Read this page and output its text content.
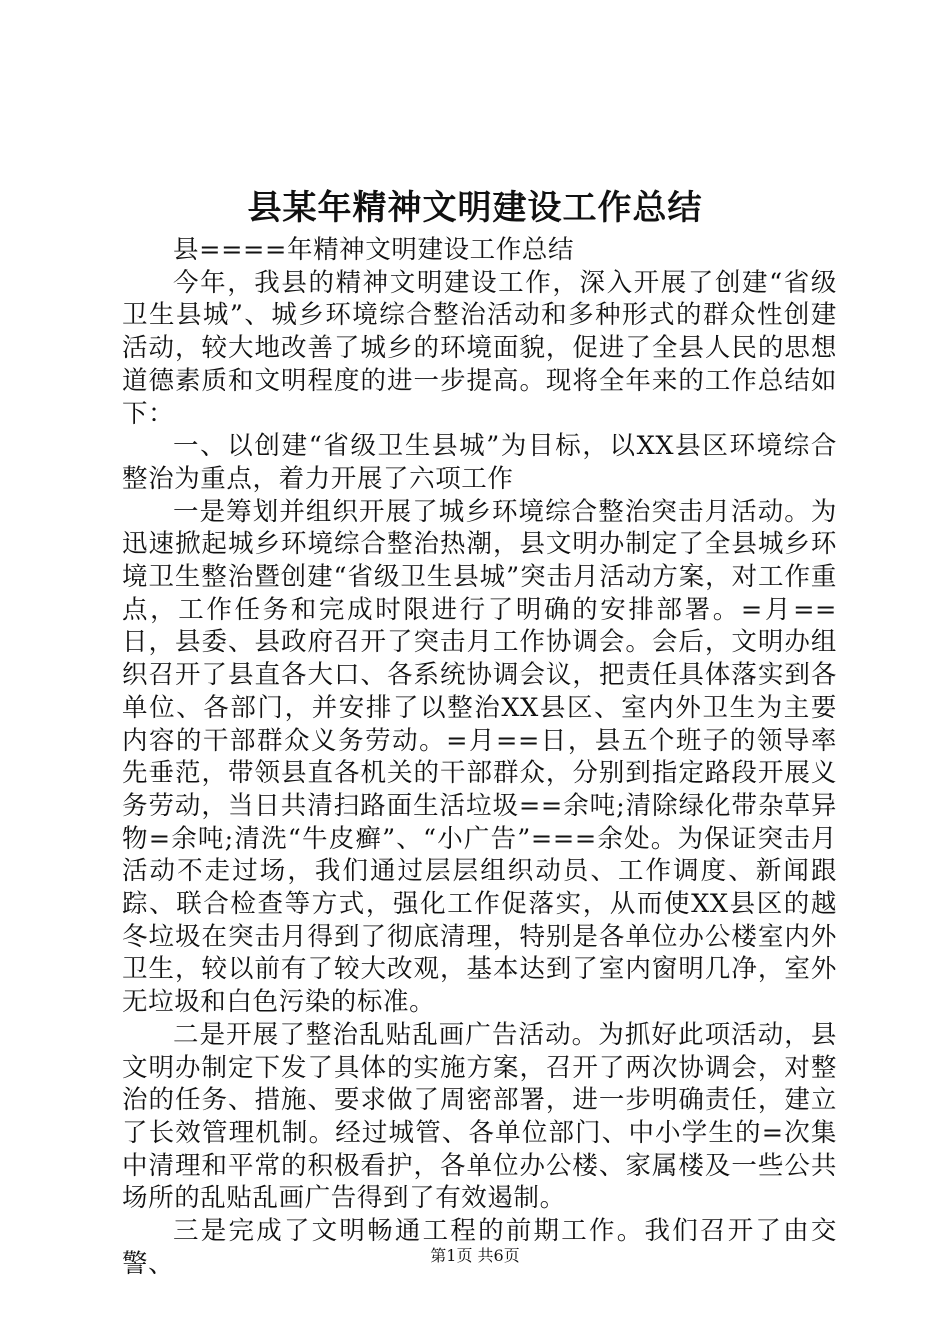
县某年精神文明建设工作总结

县====年精神文明建设工作总结

今年，我县的精神文明建设工作，深入开展了创建“省级卫生县城”、城乡环境综合整治活动和多种形式的群众性创建活动，较大地改善了城乡的环境面貌，促进了全县人民的思想道德素质和文明程度的进一步提高。现将全年来的工作总结如下：

一、以创建“省级卫生县城”为目标，以XX县区环境综合整治为重点，着力开展了六项工作

一是筹划并组织开展了城乡环境综合整治突击月活动。为迅速掀起城乡环境综合整治热潮，县文明办制定了全县城乡环境卫生整治暨创建“省级卫生县城”突击月活动方案，对工作重点，工作任务和完成时限进行了明确的安排部署。=月==日，县委、县政府召开了突击月工作协调会。会后，文明办组织召开了县直各大口、各系统协调会议，把责任具体落实到各单位、各部门，并安排了以整治XX县区、室内外卫生为主要内容的干部群众义务劳动。=月==日，县五个班子的领导率先垂范，带领县直各机关的干部群众，分别到指定路段开展义务劳动，当日共清扫路面生活垃圾==余吨;清除绿化带杂草异物=余吨;清洗“牛皮癣”、“小广告”===余处。为保证突击月活动不走过场，我们通过层层组织动员、工作调度、新闻跟踪、联合检查等方式，强化工作促落实，从而使XX县区的越冬垃圾在突击月得到了彻底清理，特别是各单位办公楼室内外卫生，较以前有了较大改观，基本达到了室内窗明几净，室外无垃圾和白色污染的标准。

二是开展了整治乱贴乱画广告活动。为抓好此项活动，县文明办制定下发了具体的实施方案，召开了两次协调会，对整治的任务、措施、要求做了周密部署，进一步明确责任，建立了长效管理机制。经过城管、各单位部门、中小学生的=次集中清理和平常的积极看护，各单位办公楼、家属楼及一些公共场所的乱贴乱画广告得到了有效遏制。

三是完成了文明畅通工程的前期工作。我们召开了由交警、	第1页 共6页
